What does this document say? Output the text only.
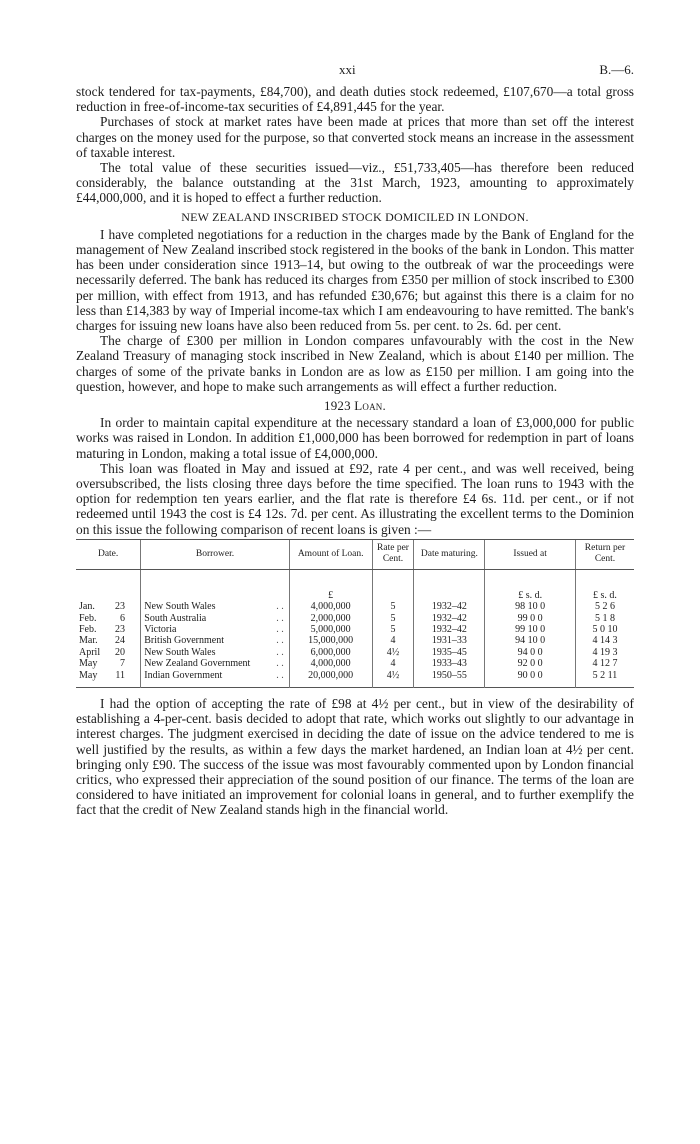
xxi	B.—6.

stock tendered for tax-payments, £84,700), and death duties stock redeemed, £107,670—a total gross reduction in free-of-income-tax securities of £4,891,445 for the year.

Purchases of stock at market rates have been made at prices that more than set off the interest charges on the money used for the purpose, so that converted stock means an increase in the assessment of taxable interest.

The total value of these securities issued—viz., £51,733,405—has therefore been reduced considerably, the balance outstanding at the 31st March, 1923, amounting to approximately £44,000,000, and it is hoped to effect a further reduction.

NEW ZEALAND INSCRIBED STOCK DOMICILED IN LONDON.

I have completed negotiations for a reduction in the charges made by the Bank of England for the management of New Zealand inscribed stock registered in the books of the bank in London. This matter has been under consideration since 1913–14, but owing to the outbreak of war the proceedings were necessarily deferred. The bank has reduced its charges from £350 per million of stock inscribed to £300 per million, with effect from 1913, and has refunded £30,676; but against this there is a claim for no less than £14,383 by way of Imperial income-tax which I am endeavouring to have remitted. The bank's charges for issuing new loans have also been reduced from 5s. per cent. to 2s. 6d. per cent.

The charge of £300 per million in London compares unfavourably with the cost in the New Zealand Treasury of managing stock inscribed in New Zealand, which is about £140 per million. The charges of some of the private banks in London are as low as £150 per million. I am going into the question, however, and hope to make such arrangements as will effect a further reduction.

1923 Loan.

In order to maintain capital expenditure at the necessary standard a loan of £3,000,000 for public works was raised in London. In addition £1,000,000 has been borrowed for redemption in part of loans maturing in London, making a total issue of £4,000,000.

This loan was floated in May and issued at £92, rate 4 per cent., and was well received, being oversubscribed, the lists closing three days before the time specified. The loan runs to 1943 with the option for redemption ten years earlier, and the flat rate is therefore £4 6s. 11d. per cent., or if not redeemed until 1943 the cost is £4 12s. 7d. per cent. As illustrating the excellent terms to the Dominion on this issue the following comparison of recent loans is given :—

Date.	Borrower.	Amount of Loan.	Rate per Cent.	Date maturing.	Issued at	Return per Cent.
		£			£ s. d.	£ s. d.
Jan. 23	New South Wales . .	4,000,000	5	1932–42	98 10 0	5 2 6
Feb. 6	South Australia . .	2,000,000	5	1932–42	99 0 0	5 1 8
Feb. 23	Victoria . .	5,000,000	5	1932–42	99 10 0	5 0 10
Mar. 24	British Government . .	15,000,000	4	1931–33	94 10 0	4 14 3
April 20	New South Wales . .	6,000,000	4½	1935–45	94 0 0	4 19 3
May 7	New Zealand Government . .	4,000,000	4	1933–43	92 0 0	4 12 7
May 11	Indian Government . .	20,000,000	4½	1950–55	90 0 0	5 2 11

I had the option of accepting the rate of £98 at 4½ per cent., but in view of the desirability of establishing a 4-per-cent. basis decided to adopt that rate, which works out slightly to our advantage in interest charges. The judgment exercised in deciding the date of issue on the advice tendered to me is well justified by the results, as within a few days the market hardened, an Indian loan at 4½ per cent. bringing only £90. The success of the issue was most favourably commented upon by London financial critics, who expressed their appreciation of the sound position of our finance. The terms of the loan are considered to have initiated an improvement for colonial loans in general, and to further exemplify the fact that the credit of New Zealand stands high in the financial world.
